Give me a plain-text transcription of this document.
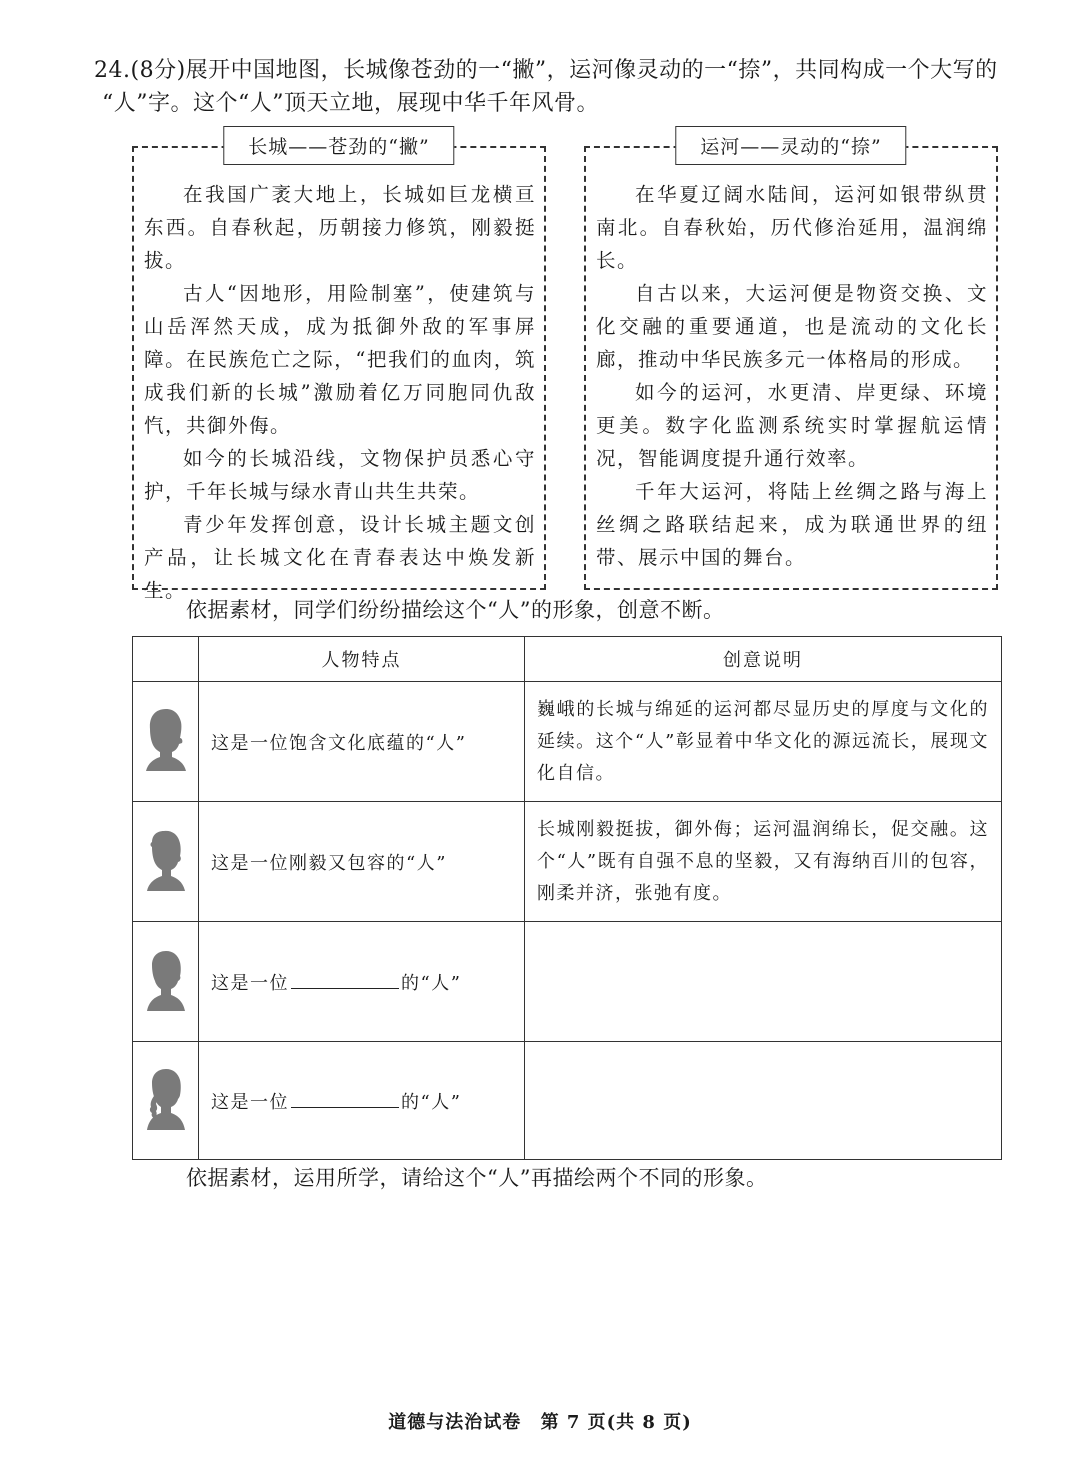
24.(8分)展开中国地图，长城像苍劲的一“撇”，运河像灵动的一“捺”，共同构成一个大写的
“人”字。这个“人”顶天立地，展现中华千年风骨。
长城——苍劲的“撇”

在我国广袤大地上，长城如巨龙横亘东西。自春秋起，历朝接力修筑，刚毅挺拔。

古人“因地形，用险制塞”，使建筑与山岳浑然天成，成为抵御外敌的军事屏障。在民族危亡之际，“把我们的血肉，筑成我们新的长城”激励着亿万同胞同仇敌忾，共御外侮。

如今的长城沿线，文物保护员悉心守护，千年长城与绿水青山共生共荣。

青少年发挥创意，设计长城主题文创产品，让长城文化在青春表达中焕发新生。

运河——灵动的“捺”

在华夏辽阔水陆间，运河如银带纵贯南北。自春秋始，历代修治延用，温润绵长。

自古以来，大运河便是物资交换、文化交融的重要通道，也是流动的文化长廊，推动中华民族多元一体格局的形成。

如今的运河，水更清、岸更绿、环境更美。数字化监测系统实时掌握航运情况，智能调度提升通行效率。

千年大运河，将陆上丝绸之路与海上丝绸之路联结起来，成为联通世界的纽带、展示中国的舞台。

依据素材，同学们纷纷描绘这个“人”的形象，创意不断。
	人物特点	创意说明
	这是一位饱含文化底蕴的“人”	巍峨的长城与绵延的运河都尽显历史的厚度与文化的延续。这个“人”彰显着中华文化的源远流长，展现文化自信。
	这是一位刚毅又包容的“人”	长城刚毅挺拔，御外侮；运河温润绵长，促交融。这个“人”既有自强不息的坚毅，又有海纳百川的包容，刚柔并济，张弛有度。
	这是一位 的“人”	
	这是一位 的“人”	
依据素材，运用所学，请给这个“人”再描绘两个不同的形象。
道德与法治试卷 第 7 页(共 8 页)
